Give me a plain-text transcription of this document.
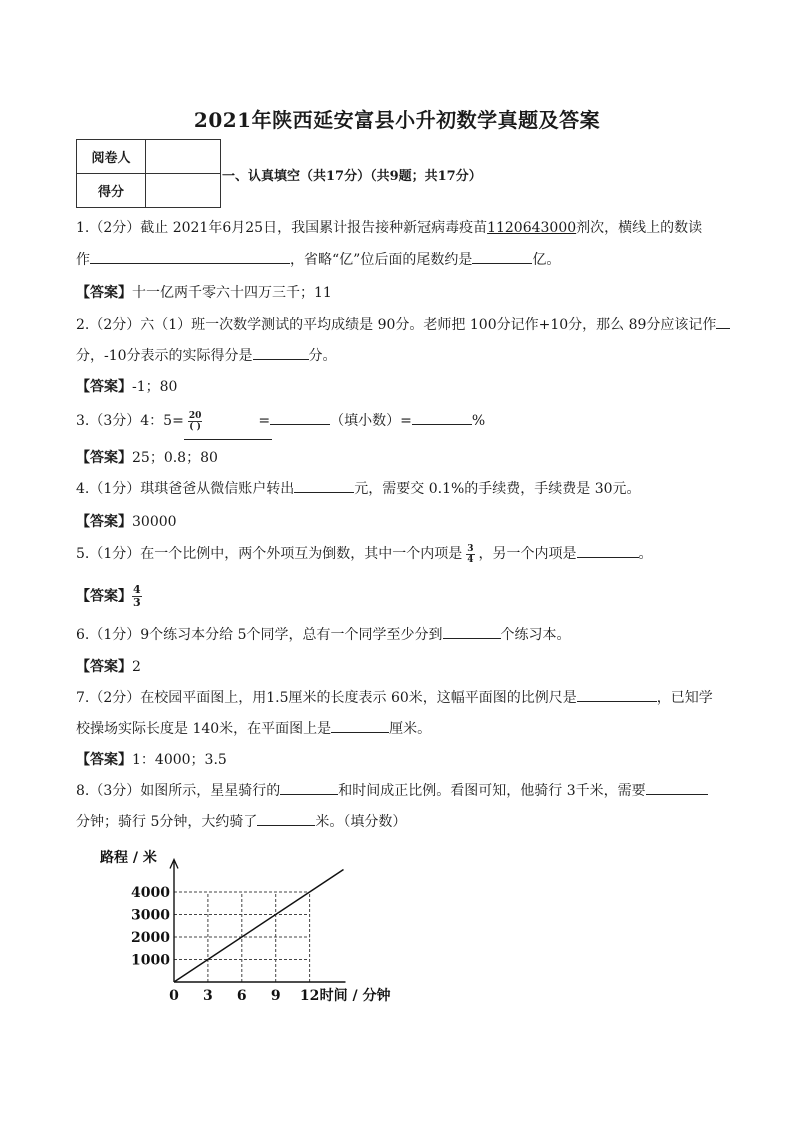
2021年陕西延安富县小升初数学真题及答案
阅卷人	
得分	
一、认真填空（共17分）（共9题；共17分）
1.（2分）截止 2021年6月25日，我国累计报告接种新冠病毒疫苗1120643000剂次，横线上的数读
作	，省略“亿”位后面的尾数约是	亿。
【答案】十一亿两千零六十四万三千；11
2.（2分）六（1）班一次数学测试的平均成绩是 90分。老师把 100分记作+10分，那么 89分应该记作
分，-10分表示的实际得分是	分。
【答案】-1；80
3.（3分）4：$5= \frac{20}{( )}$	=	（填小数）=	%
【答案】25；0.8；80
4.（1分）琪琪爸爸从微信账户转出	元，需要交 0.1%的手续费，手续费是 30元。
【答案】30000
5.（1分）在一个比例中，两个外项互为倒数，其中一个内项是 $\frac{3}{4}$ ，另一个内项是	。
【答案】 $\frac{4}{3}$
6.（1分）9个练习本分给 5个同学，总有一个同学至少分到	个练习本。
【答案】2
7.（2分）在校园平面图上，用1.5厘米的长度表示 60米，这幅平面图的比例尺是	，已知学
校操场实际长度是 140米，在平面图上是	厘米。
【答案】1：4000；3.5
8.（3分）如图所示，星星骑行的	和时间成正比例。看图可知，他骑行 3千米，需要
分钟；骑行 5分钟，大约骑了	米。（填分数）
0 3 6 9 12
1000
2000
3000
4000
路程 / 米
时间 / 分钟
